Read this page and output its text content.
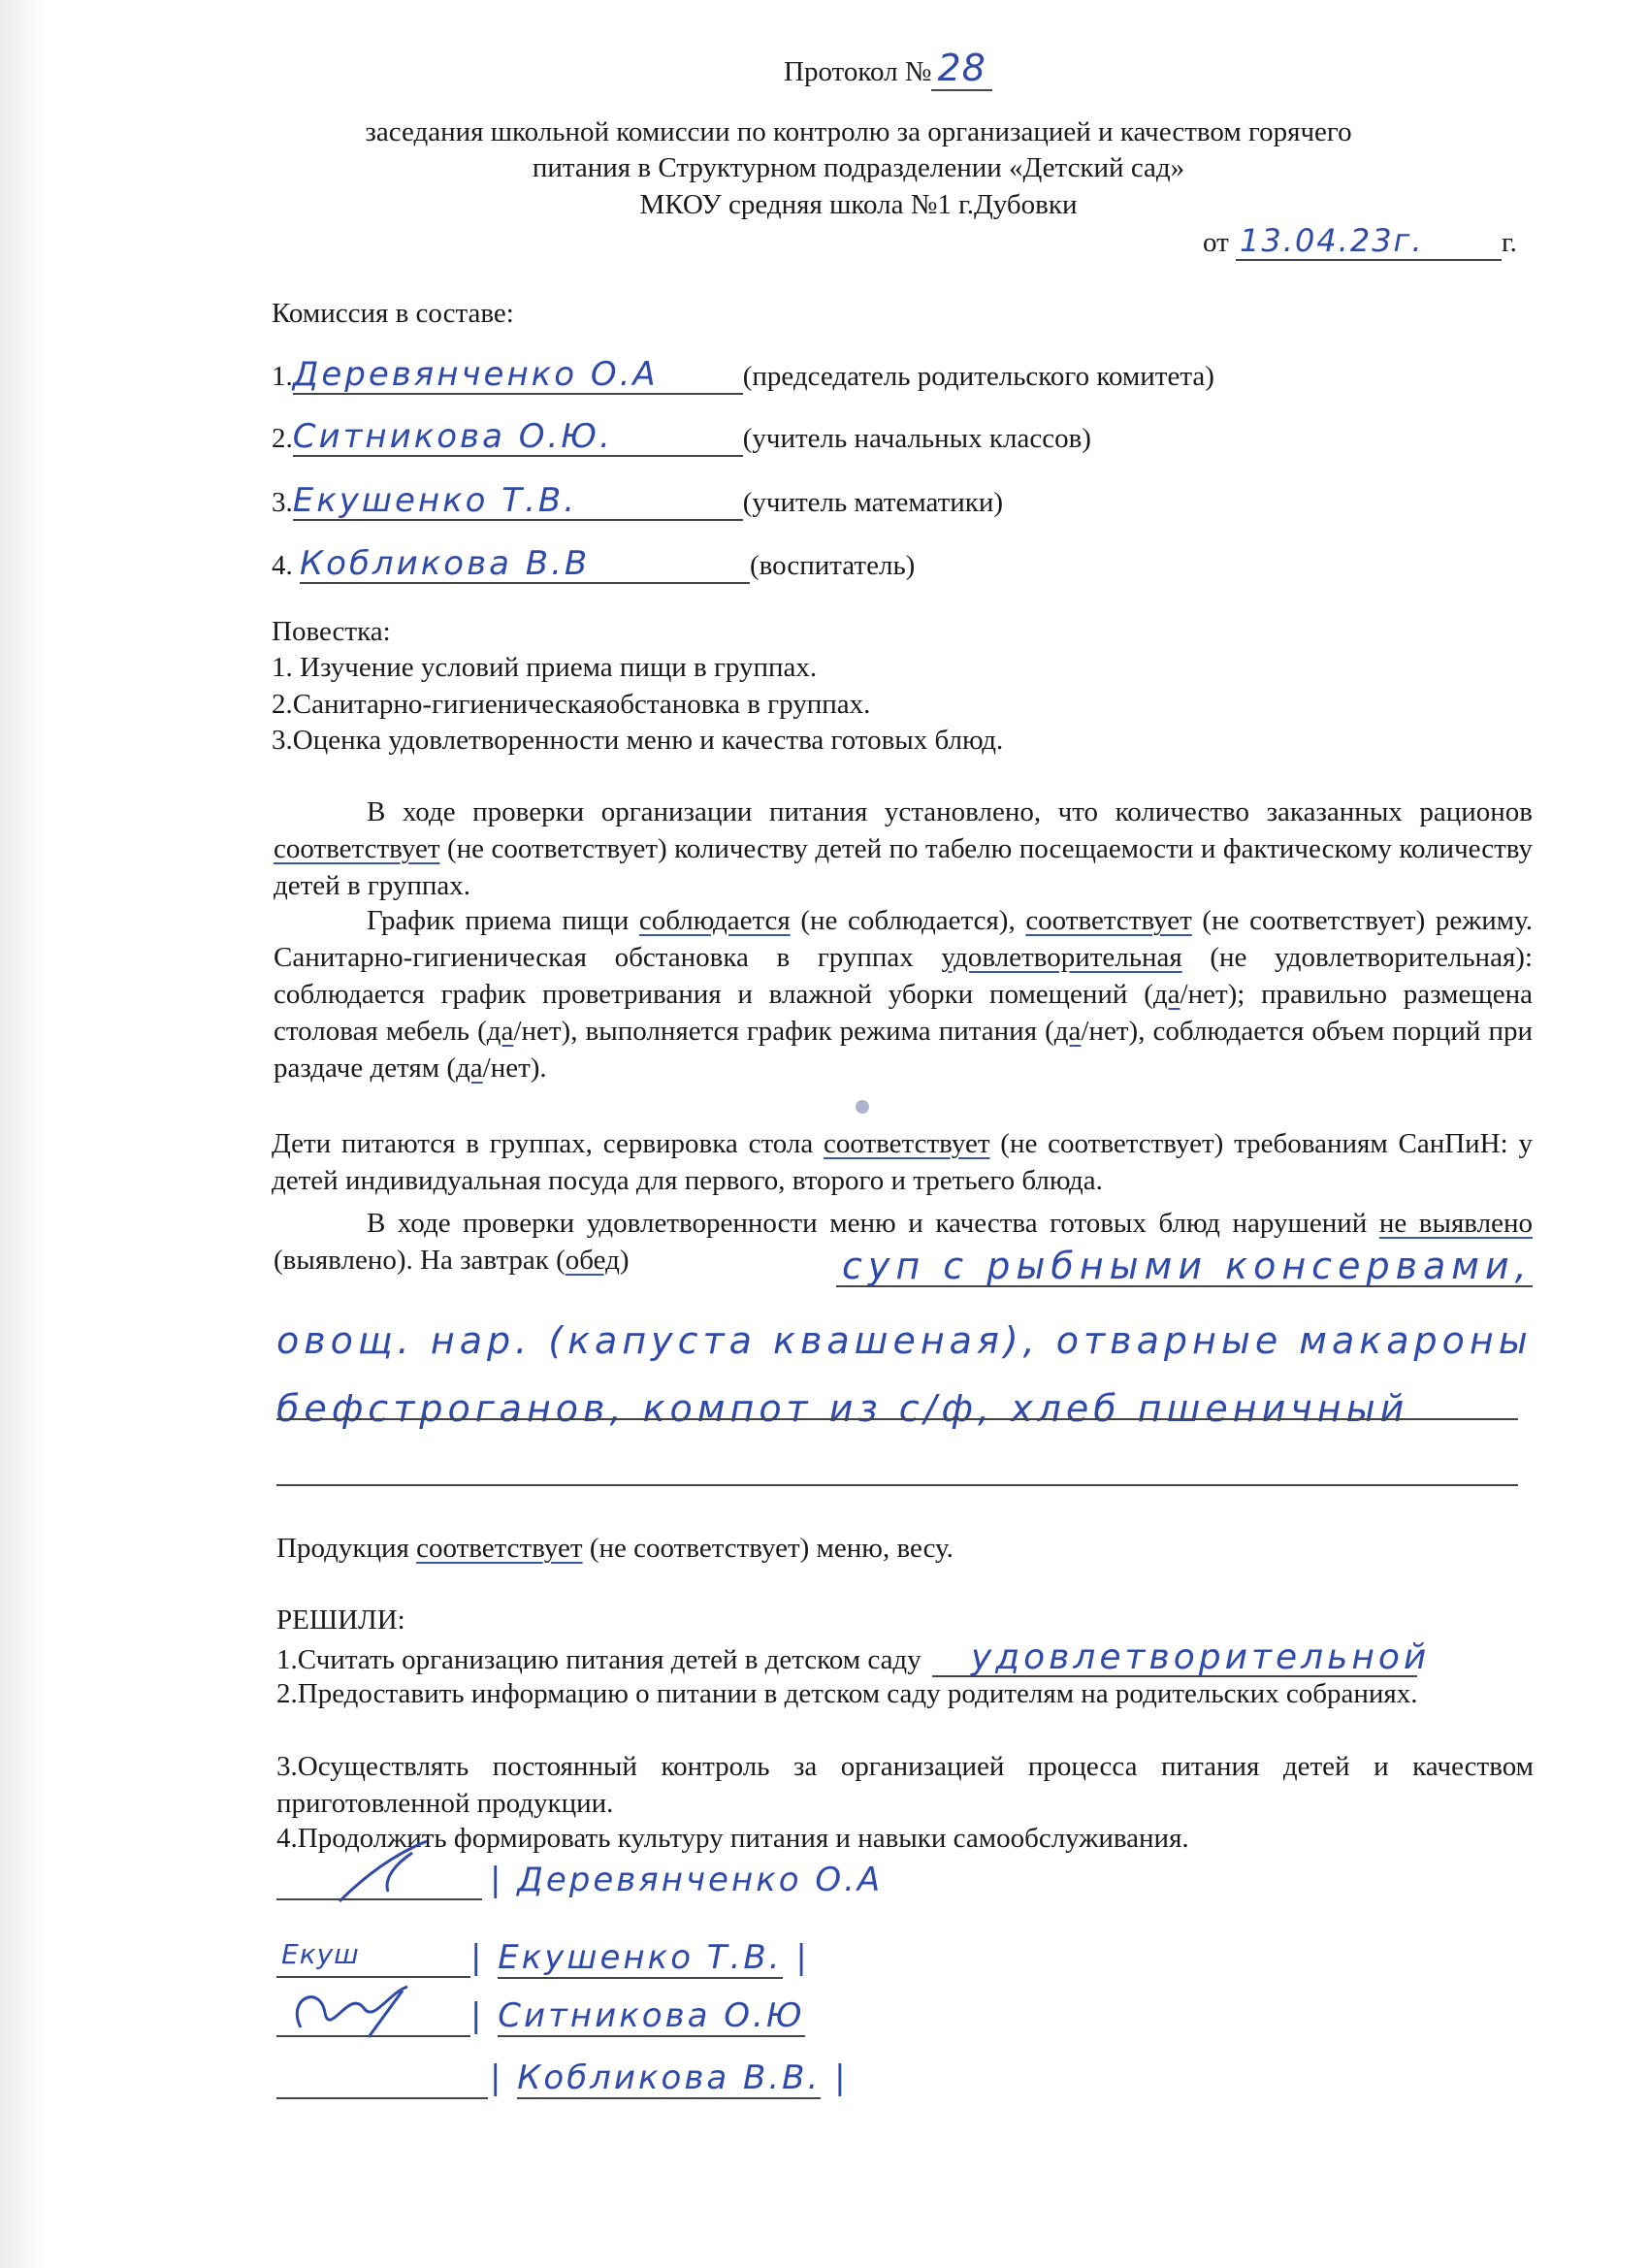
Протокол № 28
заседания школьной комиссии по контролю за организацией и качеством горячего
питания в Структурном подразделении «Детский сад»
МКОУ средняя школа №1 г.Дубовки
от 13.04.23г.	г.
Комиссия в составе:
1.Деревянченко О.А	(председатель родительского комитета)
2.Ситникова О.Ю.	(учитель начальных классов)
3.Екушенко Т.В.	(учитель математики)
4. Кобликова В.В	(воспитатель)
Повестка:
1. Изучение условий приема пищи в группах.
2.Санитарно-гигиеническаяобстановка в группах.
3.Оценка удовлетворенности меню и качества готовых блюд.
В ходе проверки организации питания установлено, что количество заказанных рационов соответствует (не соответствует) количеству детей по табелю посещаемости и фактическому количеству детей в группах.
График приема пищи соблюдается (не соблюдается), соответствует (не соответствует) режиму. Санитарно-гигиеническая обстановка в группах удовлетворительная (не удовлетворительная): соблюдается график проветривания и влажной уборки помещений (да/нет); правильно размещена столовая мебель (да/нет), выполняется график режима питания (да/нет), соблюдается объем порций при раздаче детям (да/нет).
Дети питаются в группах, сервировка стола соответствует (не соответствует) требованиям СанПиН: у детей индивидуальная посуда для первого, второго и третьего блюда.
В ходе проверки удовлетворенности меню и качества готовых блюд нарушений не выявлено (выявлено). На завтрак (обед)	суп с рыбными консервами,
овощ. нар. (капуста квашеная), отварные макароны
бефстроганов, компот из с/ф, хлеб пшеничный
Продукция соответствует (не соответствует) меню, весу.
РЕШИЛИ:
1.Считать организацию питания детей в детском саду удовлетворительной
2.Предоставить информацию о питании в детском саду родителям на родительских собраниях.
3.Осуществлять постоянный контроль за организацией процесса питания детей и качеством приготовленной продукции.
4.Продолжить формировать культуру питания и навыки самообслуживания.
| Деревянченко О.А
Екуш	| Екушенко Т.В. |
| Ситникова О.Ю
| Кобликова В.В. |
